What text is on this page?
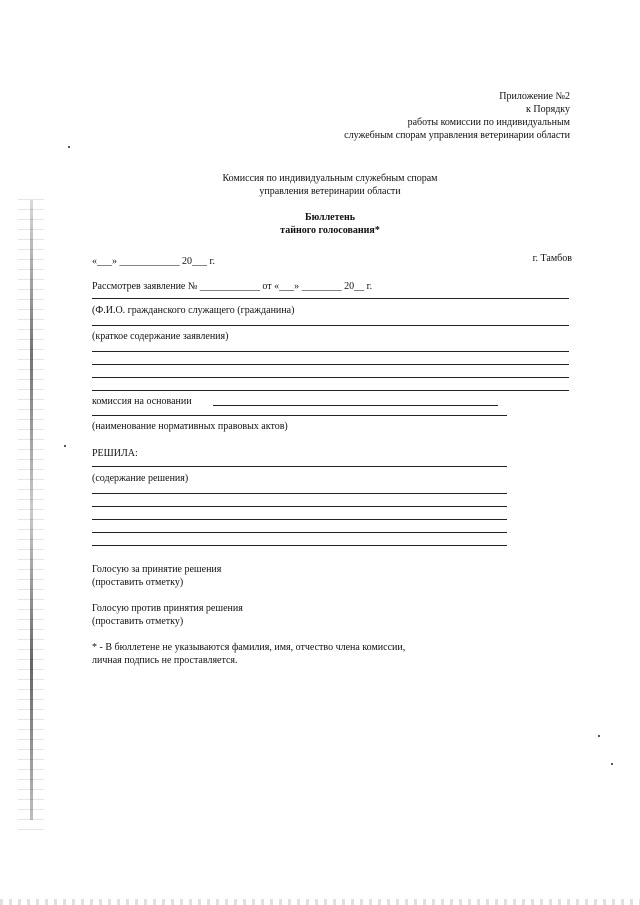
Приложение №2
к Порядку
работы комиссии по индивидуальным
служебным спорам управления ветеринарии области
Комиссия по индивидуальным служебным спорам
управления ветеринарии области
Бюллетень
тайного голосования*
«___» ____________ 20___ г.	г. Тамбов
Рассмотрев заявление № ____________ от «___» ________ 20__ г.
(Ф.И.О. гражданского служащего (гражданина)
(краткое содержание заявления)
комиссия на основании
(наименование нормативных правовых актов)
РЕШИЛА:
(содержание решения)
Голосую за принятие решения
(проставить отметку)
Голосую против принятия решения
(проставить отметку)
* - В бюллетене не указываются фамилия, имя, отчество члена комиссии,
личная подпись не проставляется.
